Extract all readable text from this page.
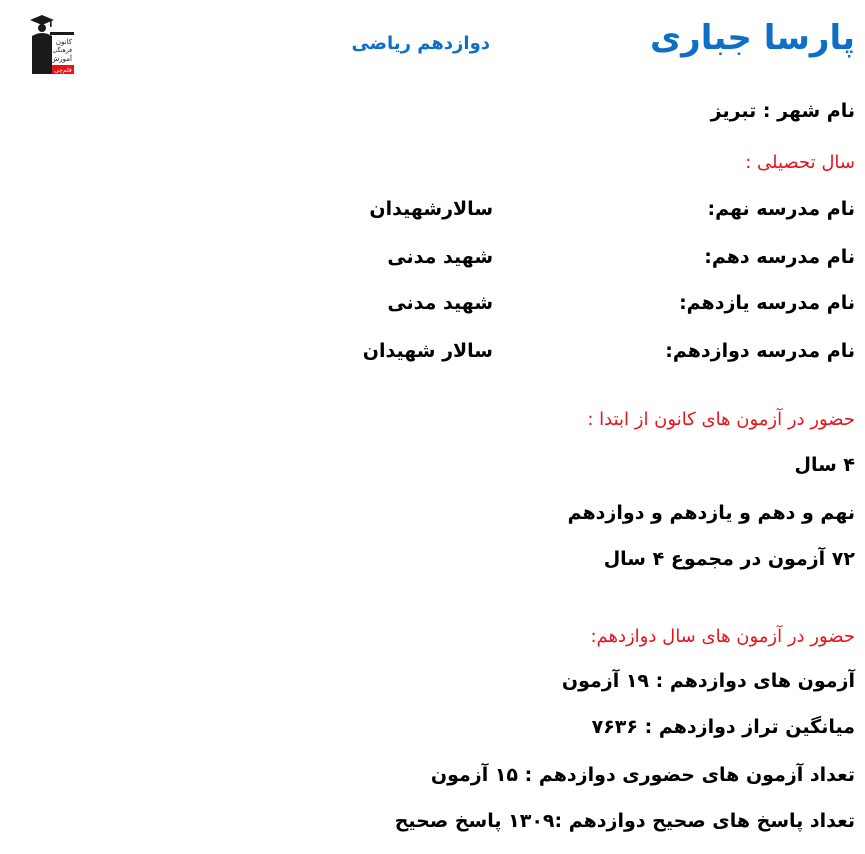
کانون
فرهنگی
آموزش
قلم‌چی
پارسا جباری
دوازدهم ریاضی
نام شهر : تبریز
سال تحصیلی :
نام مدرسه نهم:
سالارشهیدان
نام مدرسه دهم:
شهید مدنی
نام مدرسه یازدهم:
شهید مدنی
نام مدرسه دوازدهم:
سالار شهیدان
حضور در آزمون های کانون از ابتدا :
۴ سال
نهم و دهم و یازدهم و دوازدهم
۷۲ آزمون در مجموع ۴ سال
حضور در آزمون های سال دوازدهم:
آزمون های دوازدهم : ۱۹ آزمون
میانگین تراز دوازدهم : ۷۶۳۶
تعداد آزمون های حضوری دوازدهم : ۱۵ آزمون
تعداد پاسخ های صحیح دوازدهم :۱۳۰۹ پاسخ صحیح
